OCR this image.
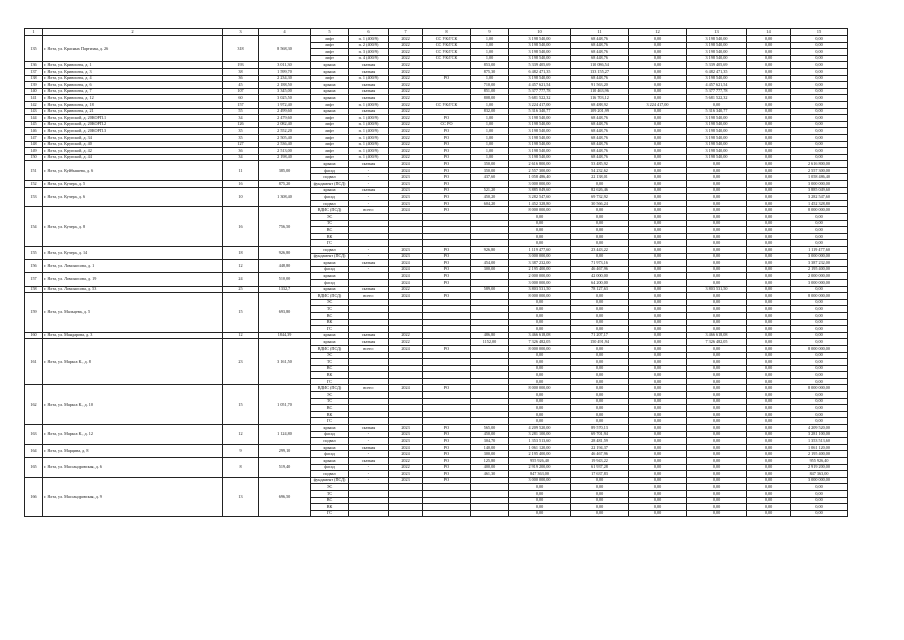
1	2	3	4	5	6	7	8	9	10	11	12	13	14	15
135	г. Ялта, ул. Красных Партизан, д. 26	318	8 568,30	лифт	п. 1 (400/9)	2022	СС УК/ГСК	1,00	3 198 540,00	68 448,76	0,00	3 198 540,00	0,00	0,00
				лифт	п. 2 (400/9)	2022	СС УК/ГСК	1,00	3 198 540,00	68 448,76	0,00	3 198 540,00	0,00	0,00
				лифт	п. 3 (400/9)	2022	СС УК/ГСК	1,00	3 198 540,00	68 448,76	0,00	3 198 540,00	0,00	0,00
				лифт	п. 4 (400/9)	2022	СС УК/ГСК	1,00	3 198 540,00	68 448,76	0,00	3 198 540,00	0,00	0,00
136	г. Ялта, ул. Кривошты, д. 1	193	3 011,30	крыша	скатная	2022		853,00	5 339 405,69	110 086,54	0,00	5 339 405,69	0,00	0,00
137	г. Ялта, ул. Кривошты, д. 3	38	1 599,70	крыша	скатная	2022		875,30	6 482 471,35	133 155,27	0,00	6 482 471,35	0,00	0,00
138	г. Ялта, ул. Кривошты, д. 4	36	2 234,30	лифт	п. 1 (400/9)	2022	РО	1,00	3 198 540,00	68 448,76	0,00	3 198 540,00	0,00	0,00
139	г. Ялта, ул. Кривошты, д. 6	45	2 188,50	крыша	скатная	2022		710,00	4 457 621,54	91 563,20	0,00	4 457 621,54	0,00	0,00
140	г. Ялта, ул. Кривошты, д. 7	107	3 345,00	крыша	скатная	2022		851,00	5 377 777,78	110 463,96	0,00	5 377 777,78	0,00	0,00
141	г. Ялта, ул. Кривошты, д. 12	60	3 025,50	крыша	скатная	2022		808,00	5 681 522,32	116 703,12	0,00	5 681 522,32	0,00	0,00
142	г. Ялта, ул. Кривошты, д. 18	157	1 972,40	лифт	п. 1 (400/9)	2022	СС УК/ГСК	1,00	3 224 417,00	68 488,92	3 224 417,00	0,00	0,00	0,00
143	г. Ялта, ул. Кривошты, д. 21	55	2 499,60	крыша	скатная	2022		832,00	5 316 340,77	109 201,99	0,00	5 316 340,77	0,00	0,00
144	г. Ялта, ул. Крупской, д. 20КОРП.1	34	2 479,60	лифт	п. 1 (400/9)	2022	РО	1,00	3 198 540,00	68 448,76	0,00	3 198 540,00	0,00	0,00
145	г. Ялта, ул. Крупской, д. 20КОРП.2	126	2 082,40	лифт	п. 1 (400/9)	2022	СС РО	1,00	3 198 540,00	68 448,76	0,00	3 198 540,00	0,00	0,00
146	г. Ялта, ул. Крупской, д. 20КОРП.3	35	2 552,20	лифт	п. 1 (400/9)	2022	РО	1,00	3 198 540,00	68 448,76	0,00	3 198 540,00	0,00	0,00
147	г. Ялта, ул. Крупской, д. 34	35	2 505,40	лифт	п. 1 (400/9)	2022	РО	1,00	3 198 540,00	68 448,76	0,00	3 198 540,00	0,00	0,00
148	г. Ялта, ул. Крупской, д. 40	127	2 536,40	лифт	п. 1 (400/9)	2022	РО	1,00	3 198 540,00	68 448,76	0,00	3 198 540,00	0,00	0,00
149	г. Ялта, ул. Крупской, д. 42	36	2 513,00	лифт	п. 1 (400/9)	2022	РО	1,00	3 198 540,00	68 448,76	0,00	3 198 540,00	0,00	0,00
150	г. Ялта, ул. Крупской, д. 44	34	2 198,40	лифт	п. 1 (400/9)	2022	РО	1,00	3 198 540,00	68 448,76	0,00	3 198 540,00	0,00	0,00
151	г. Ялта, ул. Куйбышева, д. 6	11	385,00	крыша	скатная	2024	РО	350,00	2 616 800,00	53 485,92	0,00	0,00	0,00	2 616 800,00
				фасад	-	2024	РО	350,00	2 557 300,00	54 232,62	0,00	0,00	0,00	2 557 300,00
				подвал	-	2023	РО	437,60	1 058 486,40	22 138,01	0,00	0,00	0,00	1 058 486,40
152	г. Ялта, ул. Кучера, д. 5	16	875,20	фундамент (ПСД)	-	2023	РО		3 000 000,00	0,00	0,00	0,00	0,00	3 000 000,00
153	г. Ялта, ул. Кучера, д. 6	10	1 308,40	крыша	скатная	2023	РО	521,20	3 885 049,60	82 626,46	0,00	0,00	0,00	3 885 049,60
				фасад	-	2023	РО	450,20	3 282 547,60	69 732,92	0,00	0,00	0,00	3 282 547,60
				подвал	-	2023	РО	604,20	1 452 328,80	30 566,24	0,00	0,00	0,00	1 452 328,80
154	г. Ялта, ул. Кучера, д. 8	16	756,50	ВДИС (ПСД)	всего:	2024	РО		8 000 000,00	0,00	0,00	0,00	0,00	8 000 000,00
				ЭС					0,00	0,00	0,00	0,00	0,00	0,00
				ТС					0,00	0,00	0,00	0,00	0,00	0,00
				ВС					0,00	0,00	0,00	0,00	0,00	0,00
				ВК					0,00	0,00	0,00	0,00	0,00	0,00
				ГС					0,00	0,00	0,00	0,00	0,00	0,00
155	г. Ялта, ул. Кучера, д. 14	18	926,80	подвал	-	2023	РО	926,80	1 119 477,60	23 443,22	0,00	0,00	0,00	1 119 477,60
				фундамент (ПСД)	-	2023	РО		3 000 000,00	0,00	0,00	0,00	0,00	3 000 000,00
156	г. Ялта, ул. Ломоносова, д. 1	12	448,80	крыша	скатная	2024	РО	454,00	3 387 232,00	71 973,16	0,00	0,00	0,00	3 387 232,00
				фасад	-	2024	РО	300,00	2 195 400,00	46 467,96	0,00	0,00	0,00	2 195 400,00
157	г. Ялта, ул. Ломоносова, д. 19	24	510,00	крыша		2024	РО		2 000 000,00	42 000,00	0,00	0,00	0,00	2 000 000,00
				фасад		2024	РО		3 000 000,00	64 200,00	0,00	0,00	0,00	3 000 000,00
158	г. Ялта, ул. Ломоносова, д. 53	25	1332,7	крыша	скатная	2022		589,00	3 803 531,50	78 127,63	0,00	3 803 531,50	0,00	0,00
159	г. Ялта, ул. Мальцева, д. 5	15	693,80	ВДИС (ПСД)	всего:	2024	РО		8 000 000,00	0,00	0,00	0,00	0,00	8 000 000,00
				ЭС					0,00	0,00	0,00	0,00	0,00	0,00
				ТС					0,00	0,00	0,00	0,00	0,00	0,00
				ВС					0,00	0,00	0,00	0,00	0,00	0,00
				ВК					0,00	0,00	0,00	0,00	0,00	0,00
				ГС					0,00	0,00	0,00	0,00	0,00	0,00
160	г. Ялта, ул. Мандарова, д. 3	12	1844,39	крыша	скатная	2022		486,80	3 466 618,08	71 207,17	0,00	3 466 618,08	0,00	0,00
161	г. Ялта, ул. Маркса К., д. 8	23	3 161,50	крыша	скатная	2022		1152,00	7 326 482,05	150 491,94	0,00	7 326 482,05	0,00	0,00
				ВДИС (ПСД)	всего:	2024	РО		8 000 000,00	0,00	0,00	0,00	0,00	8 000 000,00
				ЭС					0,00	0,00	0,00	0,00	0,00	0,00
				ТС					0,00	0,00	0,00	0,00	0,00	0,00
				ВС					0,00	0,00	0,00	0,00	0,00	0,00
				ВК					0,00	0,00	0,00	0,00	0,00	0,00
				ГС					0,00	0,00	0,00	0,00	0,00	0,00
162	г. Ялта, ул. Маркса К., д. 10	15	1 051,70	ВДИС (ПСД)	всего:	2024	РО		8 000 000,00	0,00	0,00	0,00	0,00	8 000 000,00
				ЭС					0,00	0,00	0,00	0,00	0,00	0,00
				ТС					0,00	0,00	0,00	0,00	0,00	0,00
				ВС					0,00	0,00	0,00	0,00	0,00	0,00
				ВК					0,00	0,00	0,00	0,00	0,00	0,00
				ГС					0,00	0,00	0,00	0,00	0,00	0,00
163	г. Ялта, ул. Маркса К., д. 12	12	1 124,80	крыша	скатная	2023	РО	565,00	4 209 520,00	89 570,13	0,00	0,00	0,00	4 209 520,00
				фасад	-	2023	РО	450,00	3 281 100,00	69 701,94	0,00	0,00	0,00	3 281 100,00
				подвал	-	2023	РО	304,70	1 353 513,60	28 481,59	0,00	0,00	0,00	1 353 513,60
164	г. Ялта, ул. Марцива, д. 8	9	299,10	крыша	скатная	2024	РО	140,00	1 061 120,00	22 194,37	0,00	0,00	0,00	1 061 120,00
				фасад	-	2024	РО	300,00	2 195 400,00	46 467,96	0,00	0,00	0,00	2 195 400,00
165	г. Ялта, ул. Массандровская, д. 6	8	519,40	крыша	скатная	2022	РО	125,80	955 926,40	19 943,22	0,00	0,00	0,00	955 926,40
				фасад	-	2022	РО	400,00	2 919 200,00	61 937,28	0,00	0,00	0,00	2 919 200,00
				подвал	-	2023	РО	461,30	847 363,00	17 637,83	0,00	0,00	0,00	847 363,00
166	г. Ялта, ул. Массандровская, д. 9	13	696,50	фундамент (ПСД)	-	2023	РО		3 000 000,00	0,00	0,00	0,00	0,00	3 000 000,00
				ЭС					0,00	0,00	0,00	0,00	0,00	0,00
				ТС					0,00	0,00	0,00	0,00	0,00	0,00
				ВС					0,00	0,00	0,00	0,00	0,00	0,00
				ВК					0,00	0,00	0,00	0,00	0,00	0,00
				ГС					0,00	0,00	0,00	0,00	0,00	0,00
